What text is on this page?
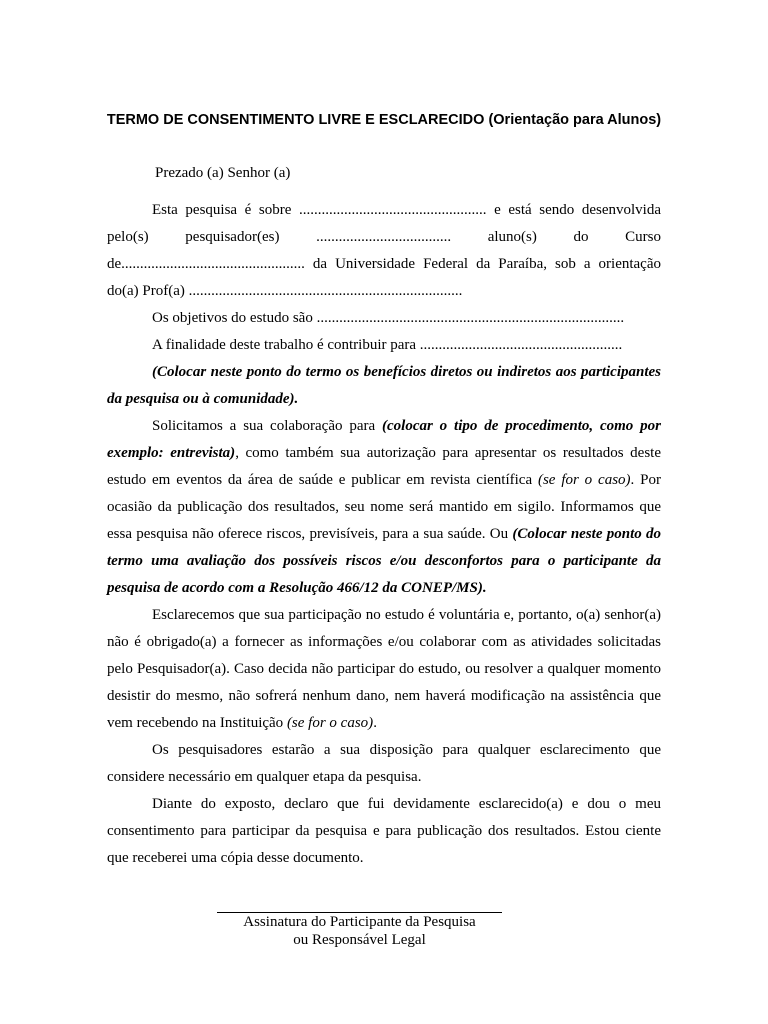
TERMO DE CONSENTIMENTO LIVRE E ESCLARECIDO (Orientação para Alunos)

Prezado (a) Senhor (a)

Esta pesquisa é sobre .................................................. e está sendo desenvolvida

pelo(s) pesquisador(es) .................................... aluno(s) do Curso

de................................................. da Universidade Federal da Paraíba, sob a orientação

do(a) Prof(a) .........................................................................

Os objetivos do estudo são ..................................................................................

A finalidade deste trabalho é contribuir para ......................................................

(Colocar neste ponto do termo os benefícios diretos ou indiretos aos participantes da pesquisa ou à comunidade).

Solicitamos a sua colaboração para (colocar o tipo de procedimento, como por exemplo: entrevista), como também sua autorização para apresentar os resultados deste estudo em eventos da área de saúde e publicar em revista científica (se for o caso). Por ocasião da publicação dos resultados, seu nome será mantido em sigilo. Informamos que essa pesquisa não oferece riscos, previsíveis, para a sua saúde. Ou (Colocar neste ponto do termo uma avaliação dos possíveis riscos e/ou desconfortos para o participante da pesquisa de acordo com a Resolução 466/12 da CONEP/MS).

Esclarecemos que sua participação no estudo é voluntária e, portanto, o(a) senhor(a) não é obrigado(a) a fornecer as informações e/ou colaborar com as atividades solicitadas pelo Pesquisador(a). Caso decida não participar do estudo, ou resolver a qualquer momento desistir do mesmo, não sofrerá nenhum dano, nem haverá modificação na assistência que vem recebendo na Instituição (se for o caso).

Os pesquisadores estarão a sua disposição para qualquer esclarecimento que considere necessário em qualquer etapa da pesquisa.

Diante do exposto, declaro que fui devidamente esclarecido(a) e dou o meu consentimento para participar da pesquisa e para publicação dos resultados. Estou ciente que receberei uma cópia desse documento.

Assinatura do Participante da Pesquisa

ou Responsável Legal
